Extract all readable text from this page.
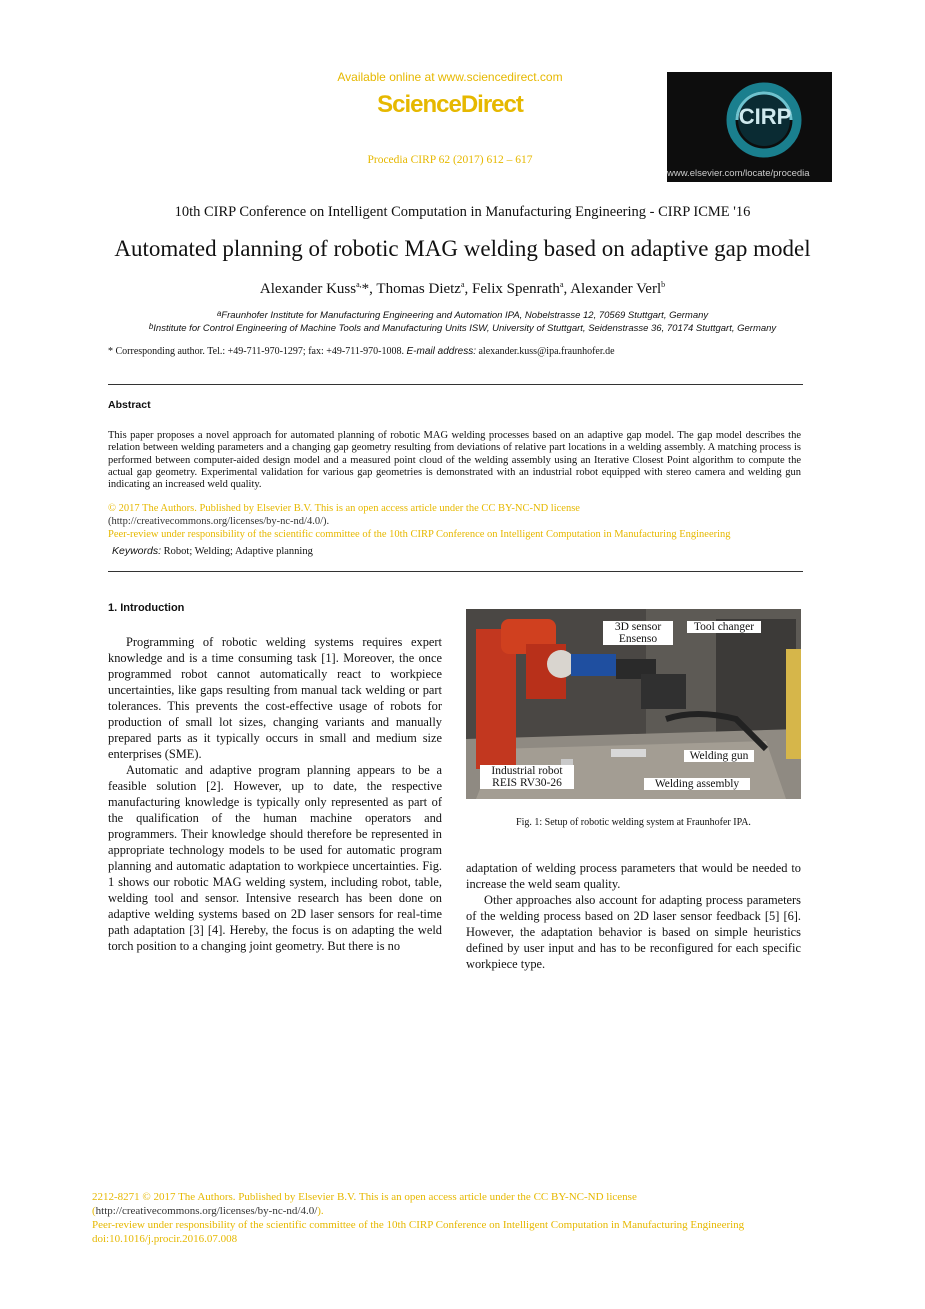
Available online at www.sciencedirect.com
ScienceDirect
Procedia CIRP 62 (2017) 612 – 617
CIRP
www.elsevier.com/locate/procedia
10th CIRP Conference on Intelligent Computation in Manufacturing Engineering - CIRP ICME '16
Automated planning of robotic MAG welding based on adaptive gap model
Alexander Kuss$^{a,}$*, Thomas Dietz$^a$, Felix Spenrath$^a$, Alexander Verl$^b$
$^a$Fraunhofer Institute for Manufacturing Engineering and Automation IPA, Nobelstrasse 12, 70569 Stuttgart, Germany
$^b$Institute for Control Engineering of Machine Tools and Manufacturing Units ISW, University of Stuttgart, Seidenstrasse 36, 70174 Stuttgart, Germany
* Corresponding author. Tel.: +49-711-970-1297; fax: +49-711-970-1008. E-mail address: alexander.kuss@ipa.fraunhofer.de
Abstract
This paper proposes a novel approach for automated planning of robotic MAG welding processes based on an adaptive gap model. The gap model describes the relation between welding parameters and a changing gap geometry resulting from deviations of relative part locations in a welding assembly. A matching process is performed between computer-aided design model and a measured point cloud of the welding assembly using an Iterative Closest Point algorithm to compute the actual gap geometry. Experimental validation for various gap geometries is demonstrated with an industrial robot equipped with stereo camera and welding gun indicating an increased weld quality.
© 2017 The Authors. Published by Elsevier B.V. This is an open access article under the CC BY-NC-ND license
(http://creativecommons.org/licenses/by-nc-nd/4.0/).
Peer-review under responsibility of the scientific committee of the 10th CIRP Conference on Intelligent Computation in Manufacturing Engineering
Keywords: Robot; Welding; Adaptive planning
1. Introduction

Programming of robotic welding systems requires expert knowledge and is a time consuming task [1]. Moreover, the once programmed robot cannot automatically react to workpiece uncertainties, like gaps resulting from manual tack welding or part tolerances. This prevents the cost-effective usage of robots for production of small lot sizes, changing variants and manually prepared parts as it typically occurs in small and medium size enterprises (SME).

Automatic and adaptive program planning appears to be a feasible solution [2]. However, up to date, the respective manufacturing knowledge is typically only represented as part of the qualification of the human machine operators and programmers. Their knowledge should therefore be represented in appropriate technology models to be used for automatic program planning and automatic adaptation to workpiece uncertainties. Fig. 1 shows our robotic MAG welding system, including robot, table, welding tool and sensor. Intensive research has been done on adaptive welding systems based on 2D laser sensors for real-time path adaptation [3] [4]. Hereby, the focus is on adapting the weld torch position to a changing joint geometry. But there is no

3D sensor
Ensenso
Tool changer
Welding gun
Industrial robot
REIS RV30-26	Welding assembly
Fig. 1: Setup of robotic welding system at Fraunhofer IPA.

adaptation of welding process parameters that would be needed to increase the weld seam quality.

Other approaches also account for adapting process parameters of the welding process based on 2D laser sensor feedback [5] [6]. However, the adaptation behavior is based on simple heuristics defined by user input and has to be reconfigured for each specific workpiece type.

2212-8271 © 2017 The Authors. Published by Elsevier B.V. This is an open access article under the CC BY-NC-ND license
(http://creativecommons.org/licenses/by-nc-nd/4.0/).
Peer-review under responsibility of the scientific committee of the 10th CIRP Conference on Intelligent Computation in Manufacturing Engineering
doi:10.1016/j.procir.2016.07.008
